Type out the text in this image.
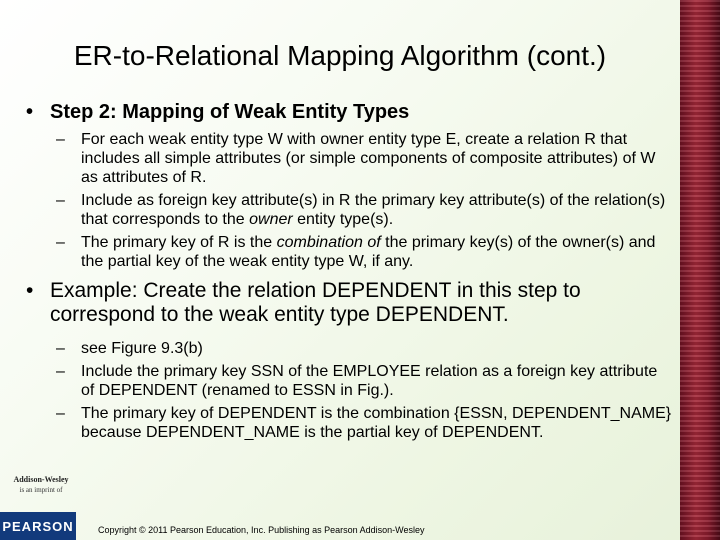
ER-to-Relational Mapping Algorithm (cont.)
• Step 2: Mapping of Weak Entity Types
– For each weak entity type W with owner entity type E, create a relation R that includes all simple attributes (or simple components of composite attributes) of W as attributes of R.
– Include as foreign key attribute(s) in R the primary key attribute(s) of the relation(s) that corresponds to the owner entity type(s).
– The primary key of R is the combination of the primary key(s) of the owner(s) and the partial key of the weak entity type W, if any.
• Example: Create the relation DEPENDENT in this step to correspond to the weak entity type DEPENDENT.
– see Figure 9.3(b)
– Include the primary key SSN of the EMPLOYEE relation as a foreign key attribute of DEPENDENT (renamed to ESSN in Fig.).
– The primary key of DEPENDENT is the combination {ESSN, DEPENDENT_NAME} because DEPENDENT_NAME is the partial key of DEPENDENT.
Addison-Wesley
is an imprint of
PEARSON	Copyright © 2011 Pearson Education, Inc. Publishing as Pearson Addison-Wesley
